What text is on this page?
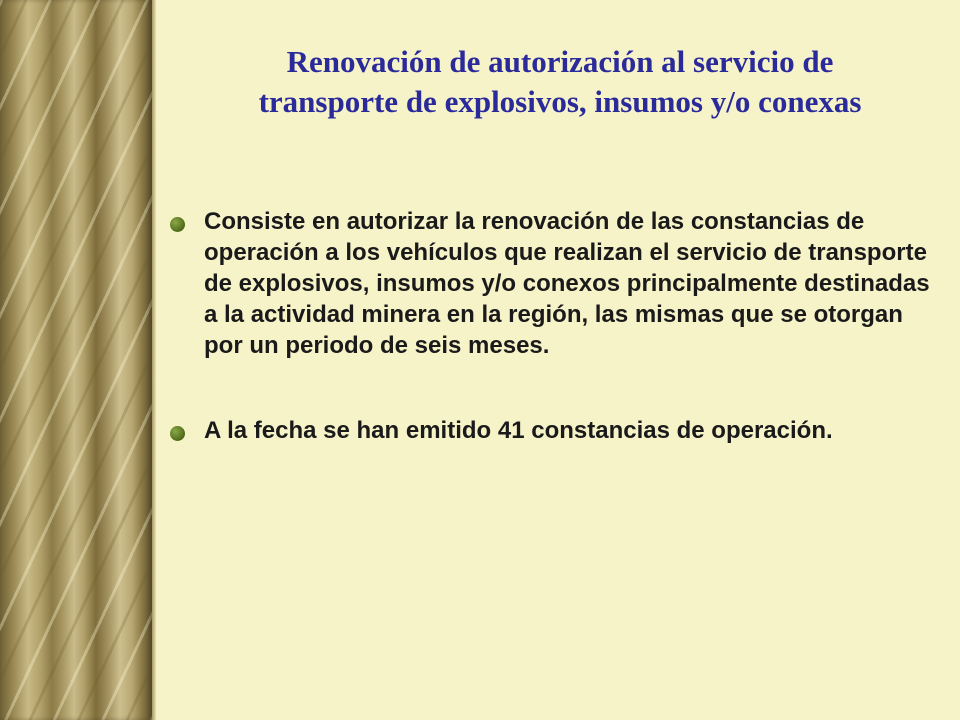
Renovación de autorización al servicio de
transporte de explosivos, insumos y/o conexas
Consiste en autorizar la renovación de las constancias de operación a los vehículos que realizan el servicio de transporte de explosivos, insumos y/o conexos principalmente destinadas a la actividad minera en la región, las mismas que se otorgan por un periodo de seis meses.
A la fecha se han emitido 41 constancias de operación.
